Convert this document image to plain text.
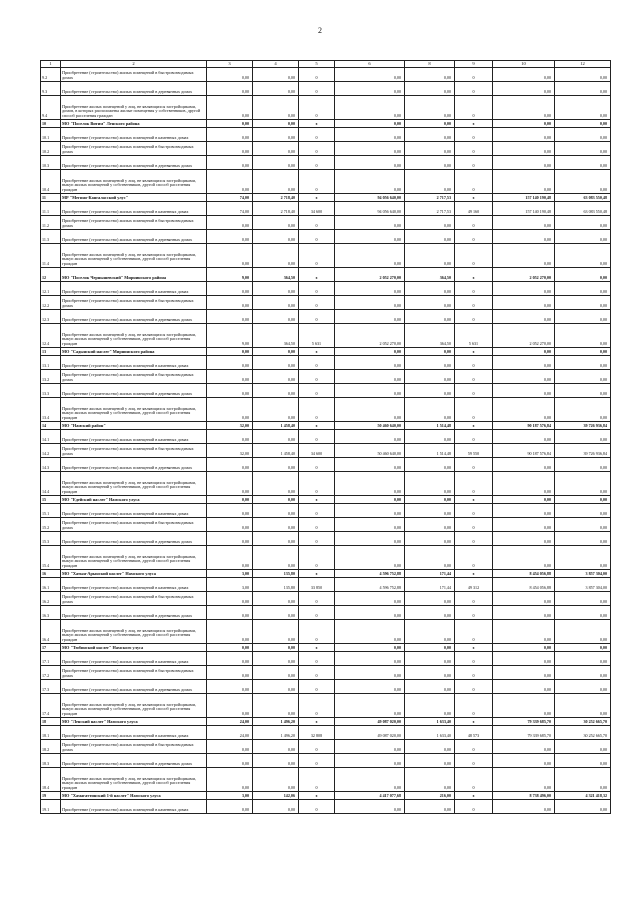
2
1	2	3	4	5	6	8	9	10	12
9.2	Приобретение (строительство) жилых помещений в быстровозводимых домах	0,00	0,00	0	0,00	0,00	0	0,00	0,00
9.3	Приобретение (строительство) жилых помещений в деревянных домах	0,00	0,00	0	0,00	0,00	0	0,00	0,00
9.4	Приобретение жилых помещений у лиц, не являющихся застройщиками, домов, в которых расположены жилые помещения у собственников, другой способ расселения граждан	0,00	0,00	0	0,00	0,00	0	0,00	0,00
10	МО "Поселок Витим" Ленского района	0,00	0,00	x	0,00	0,00	x	0,00	0,00
10.1	Приобретение (строительство) жилых помещений в каменных домах	0,00	0,00	0	0,00	0,00	0	0,00	0,00
10.2	Приобретение (строительство) жилых помещений в быстровозводимых домах	0,00	0,00	0	0,00	0,00	0	0,00	0,00
10.3	Приобретение (строительство) жилых помещений в деревянных домах	0,00	0,00	0	0,00	0,00	0	0,00	0,00
10.4	Приобретение жилых помещений у лиц, не являющихся застройщиками, выкуп жилых помещений у собственников, другой способ расселения граждан	0,00	0,00	0	0,00	0,00	0	0,00	0,00
11	МР "Мегино-Кангаласский улус"	74,00	2 718,40	x	94 056 640,00	2 717,53	x	157 140 190,48	63 083 550,48
11.1	Приобретение (строительство) жилых помещений в каменных домах	74,00	2 718,40	34 600	94 056 640,00	2 717,53	49 160	157 140 190,48	63 083 550,48
11.2	Приобретение (строительство) жилых помещений в быстровозводимых домах	0,00	0,00	0	0,00	0,00	0	0,00	0,00
11.3	Приобретение (строительство) жилых помещений в деревянных домах	0,00	0,00	0	0,00	0,00	0	0,00	0,00
11.4	Приобретение жилых помещений у лиц, не являющихся застройщиками, выкуп жилых помещений у собственников, другой способ расселения граждан	0,00	0,00	0	0,00	0,00	0	0,00	0,00
12	МО "Поселок Чернышевский" Мирнинского района	9,00	364,50	x	2 052 270,00	364,50	x	2 052 270,00	0,00
12.1	Приобретение (строительство) жилых помещений в каменных домах	0,00	0,00	0	0,00	0,00	0	0,00	0,00
12.2	Приобретение (строительство) жилых помещений в быстровозводимых домах	0,00	0,00	0	0,00	0,00	0	0,00	0,00
12.3	Приобретение (строительство) жилых помещений в деревянных домах	0,00	0,00	0	0,00	0,00	0	0,00	0,00
12.4	Приобретение жилых помещений у лиц, не являющихся застройщиками, выкуп жилых помещений у собственников, другой способ расселения граждан	9,00	364,50	5 631	2 052 270,00	364,50	5 631	2 052 270,00	0,00
13	МО "Садынский наслег" Мирнинского района	0,00	0,00	x	0,00	0,00	x	0,00	0,00
13.1	Приобретение (строительство) жилых помещений в каменных домах	0,00	0,00	0	0,00	0,00	0	0,00	0,00
13.2	Приобретение (строительство) жилых помещений в быстровозводимых домах	0,00	0,00	0	0,00	0,00	0	0,00	0,00
13.3	Приобретение (строительство) жилых помещений в деревянных домах	0,00	0,00	0	0,00	0,00	0	0,00	0,00
13.4	Приобретение жилых помещений у лиц, не являющихся застройщиками, выкуп жилых помещений у собственников, другой способ расселения граждан	0,00	0,00	0	0,00	0,00	0	0,00	0,00
14	МО "Намский район"	32,00	1 458,40	x	50 460 640,00	1 514,48	x	90 187 576,84	39 726 936,84
14.1	Приобретение (строительство) жилых помещений в каменных домах	0,00	0,00	0	0,00	0,00	0	0,00	0,00
14.2	Приобретение (строительство) жилых помещений в быстровозводимых домах	32,00	1 458,40	34 600	50 460 640,00	1 514,48	59 550	90 187 576,84	39 726 936,84
14.3	Приобретение (строительство) жилых помещений в деревянных домах	0,00	0,00	0	0,00	0,00	0	0,00	0,00
14.4	Приобретение жилых помещений у лиц, не являющихся застройщиками, выкуп жилых помещений у собственников, другой способ расселения граждан	0,00	0,00	0	0,00	0,00	0	0,00	0,00
15	МО "Едейский наслег" Намского улуса	0,00	0,00	x	0,00	0,00	x	0,00	0,00
15.1	Приобретение (строительство) жилых помещений в каменных домах	0,00	0,00	0	0,00	0,00	0	0,00	0,00
15.2	Приобретение (строительство) жилых помещений в быстровозводимых домах	0,00	0,00	0	0,00	0,00	0	0,00	0,00
15.3	Приобретение (строительство) жилых помещений в деревянных домах	0,00	0,00	0	0,00	0,00	0	0,00	0,00
15.4	Приобретение жилых помещений у лиц, не являющихся застройщиками, выкуп жилых помещений у собственников, другой способ расселения граждан	0,00	0,00	0	0,00	0,00	0	0,00	0,00
16	МО "Хатын-Арынский наслег" Намского улуса	3,00	135,80	x	4 596 752,88	171,44	x	8 454 056,88	3 857 304,00
16.1	Приобретение (строительство) жилых помещений в каменных домах	3,00	135,80	33 850	4 596 752,88	171,44	49 312	8 454 056,88	3 857 304,00
16.2	Приобретение (строительство) жилых помещений в быстровозводимых домах	0,00	0,00	0	0,00	0,00	0	0,00	0,00
16.3	Приобретение (строительство) жилых помещений в деревянных домах	0,00	0,00	0	0,00	0,00	0	0,00	0,00
16.4	Приобретение жилых помещений у лиц, не являющихся застройщиками, выкуп жилых помещений у собственников, другой способ расселения граждан	0,00	0,00	0	0,00	0,00	0	0,00	0,00
17	МО "Тюбинский наслег" Намского улуса	0,00	0,00	x	0,00	0,00	x	0,00	0,00
17.1	Приобретение (строительство) жилых помещений в каменных домах	0,00	0,00	0	0,00	0,00	0	0,00	0,00
17.2	Приобретение (строительство) жилых помещений в быстровозводимых домах	0,00	0,00	0	0,00	0,00	0	0,00	0,00
17.3	Приобретение (строительство) жилых помещений в деревянных домах	0,00	0,00	0	0,00	0,00	0	0,00	0,00
17.4	Приобретение жилых помещений у лиц, не являющихся застройщиками, выкуп жилых помещений у собственников, другой способ расселения граждан	0,00	0,00	0	0,00	0,00	0	0,00	0,00
18	МО "Ленский наслег" Намского улуса	24,00	1 496,20	x	49 087 020,00	1 633,40	x	79 339 685,70	30 252 665,70
18.1	Приобретение (строительство) жилых помещений в каменных домах	24,00	1 496,20	32 808	49 087 020,00	1 633,40	48 573	79 339 685,70	30 252 665,70
18.2	Приобретение (строительство) жилых помещений в быстровозводимых домах	0,00	0,00	0	0,00	0,00	0	0,00	0,00
18.3	Приобретение (строительство) жилых помещений в деревянных домах	0,00	0,00	0	0,00	0,00	0	0,00	0,00
18.4	Приобретение жилых помещений у лиц, не являющихся застройщиками, выкуп жилых помещений у собственников, другой способ расселения граждан	0,00	0,00	0	0,00	0,00	0	0,00	0,00
19	МО "Хамагаттинский 1-й наслег" Намского улуса	3,00	142,06	x	4 417 077,68	216,00	x	8 738 496,00	4 321 418,32
19.1	Приобретение (строительство) жилых помещений в каменных домах	0,00	0,00	0	0,00	0,00	0	0,00	0,00
